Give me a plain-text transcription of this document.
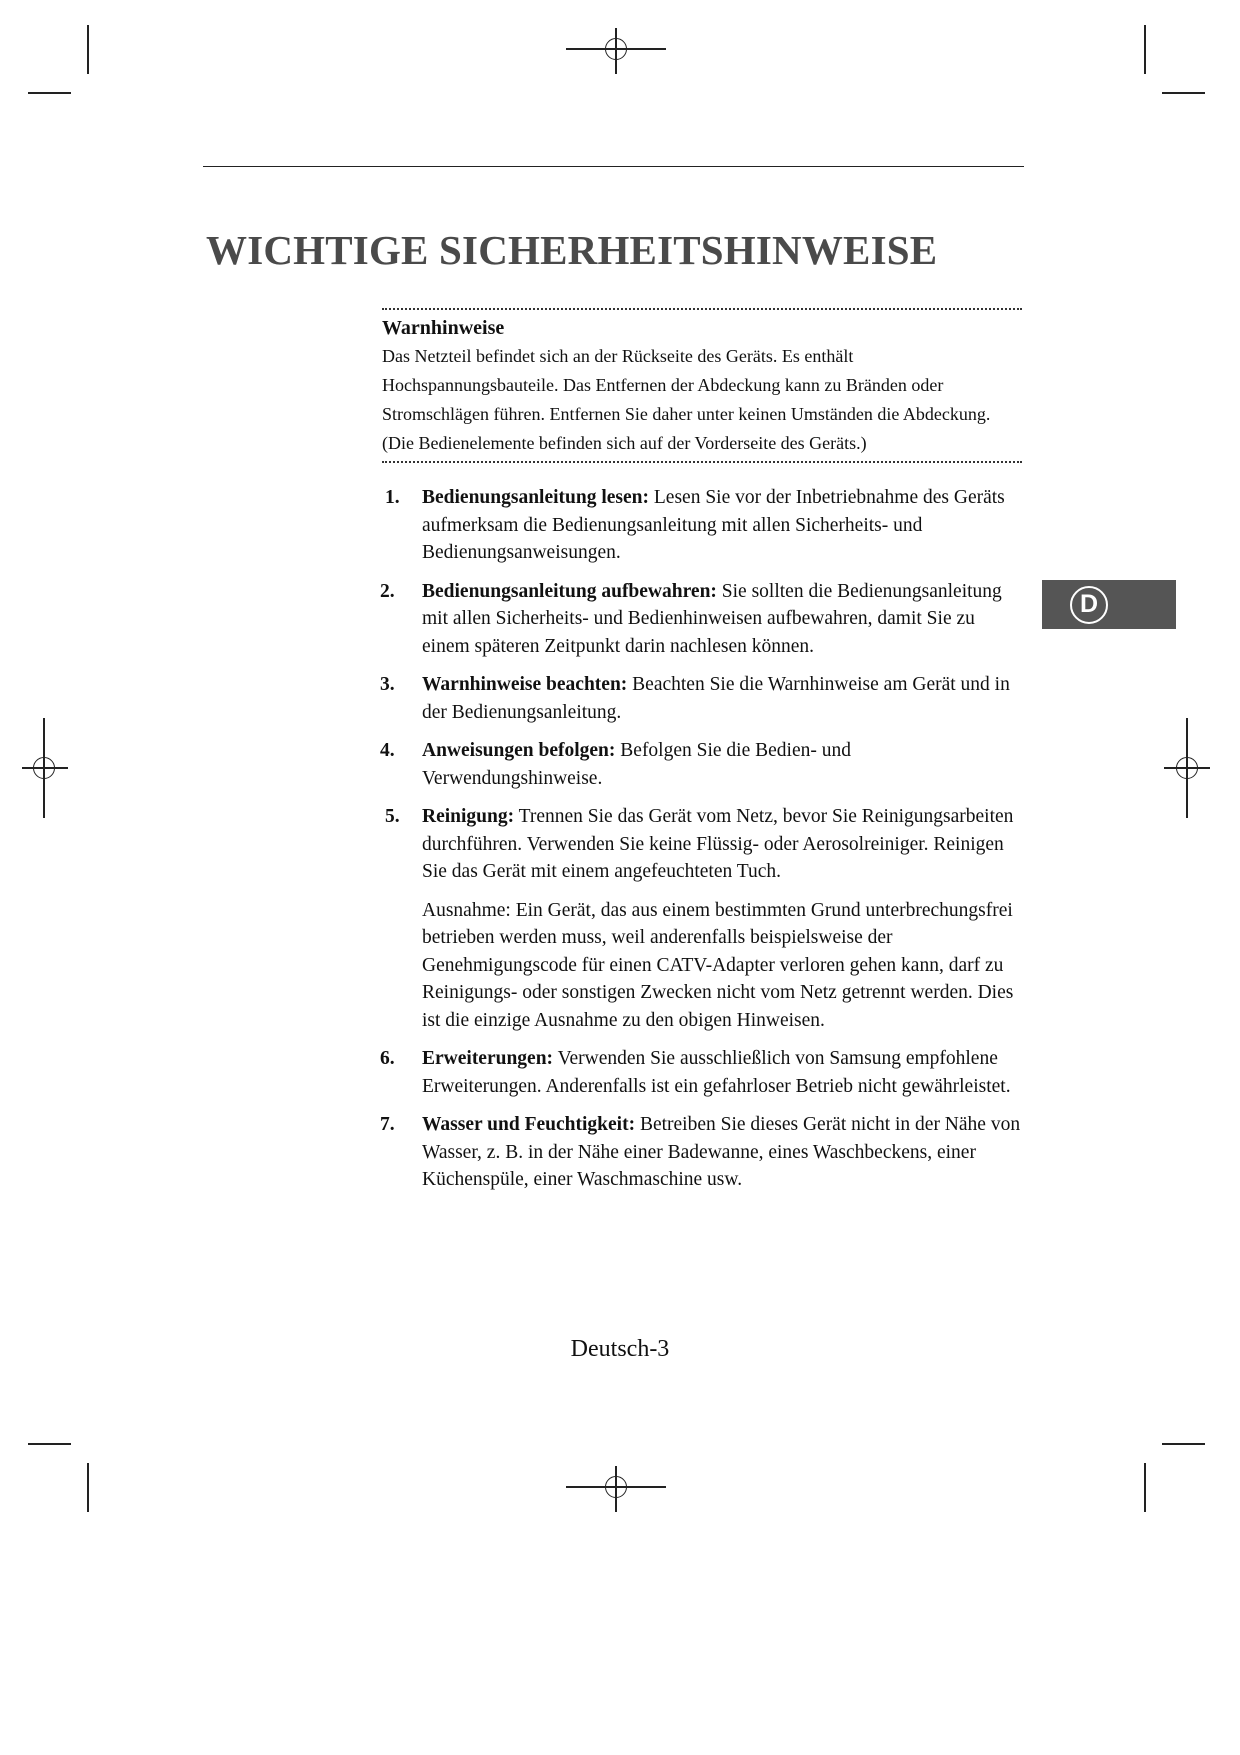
WICHTIGE SICHERHEITSHINWEISE
Warnhinweise
Das Netzteil befindet sich an der Rückseite des Geräts. Es enthält Hochspannungsbauteile. Das Entfernen der Abdeckung kann zu Bränden oder Stromschlägen führen. Entfernen Sie daher unter keinen Umständen die Abdeckung. (Die Bedienelemente befinden sich auf der Vorderseite des Geräts.)
1. Bedienungsanleitung lesen: Lesen Sie vor der Inbetriebnahme des Geräts aufmerksam die Bedienungsanleitung mit allen Sicherheits- und Bedienungsanweisungen.
2. Bedienungsanleitung aufbewahren: Sie sollten die Bedienungsanleitung mit allen Sicherheits- und Bedienhinweisen aufbewahren, damit Sie zu einem späteren Zeitpunkt darin nachlesen können.
3. Warnhinweise beachten: Beachten Sie die Warnhinweise am Gerät und in der Bedienungsanleitung.
4. Anweisungen befolgen: Befolgen Sie die Bedien- und Verwendungshinweise.
5. Reinigung: Trennen Sie das Gerät vom Netz, bevor Sie Reinigungsarbeiten durchführen. Verwenden Sie keine Flüssig- oder Aerosolreiniger. Reinigen Sie das Gerät mit einem angefeuchteten Tuch.
Ausnahme: Ein Gerät, das aus einem bestimmten Grund unterbrechungsfrei betrieben werden muss, weil anderenfalls beispielsweise der Genehmigungscode für einen CATV-Adapter verloren gehen kann, darf zu Reinigungs- oder sonstigen Zwecken nicht vom Netz getrennt werden. Dies ist die einzige Ausnahme zu den obigen Hinweisen.
6. Erweiterungen: Verwenden Sie ausschließlich von Samsung empfohlene Erweiterungen. Anderenfalls ist ein gefahrloser Betrieb nicht gewährleistet.
7. Wasser und Feuchtigkeit: Betreiben Sie dieses Gerät nicht in der Nähe von Wasser, z. B. in der Nähe einer Badewanne, eines Waschbeckens, einer Küchenspüle, einer Waschmaschine usw.
D
Deutsch-3
